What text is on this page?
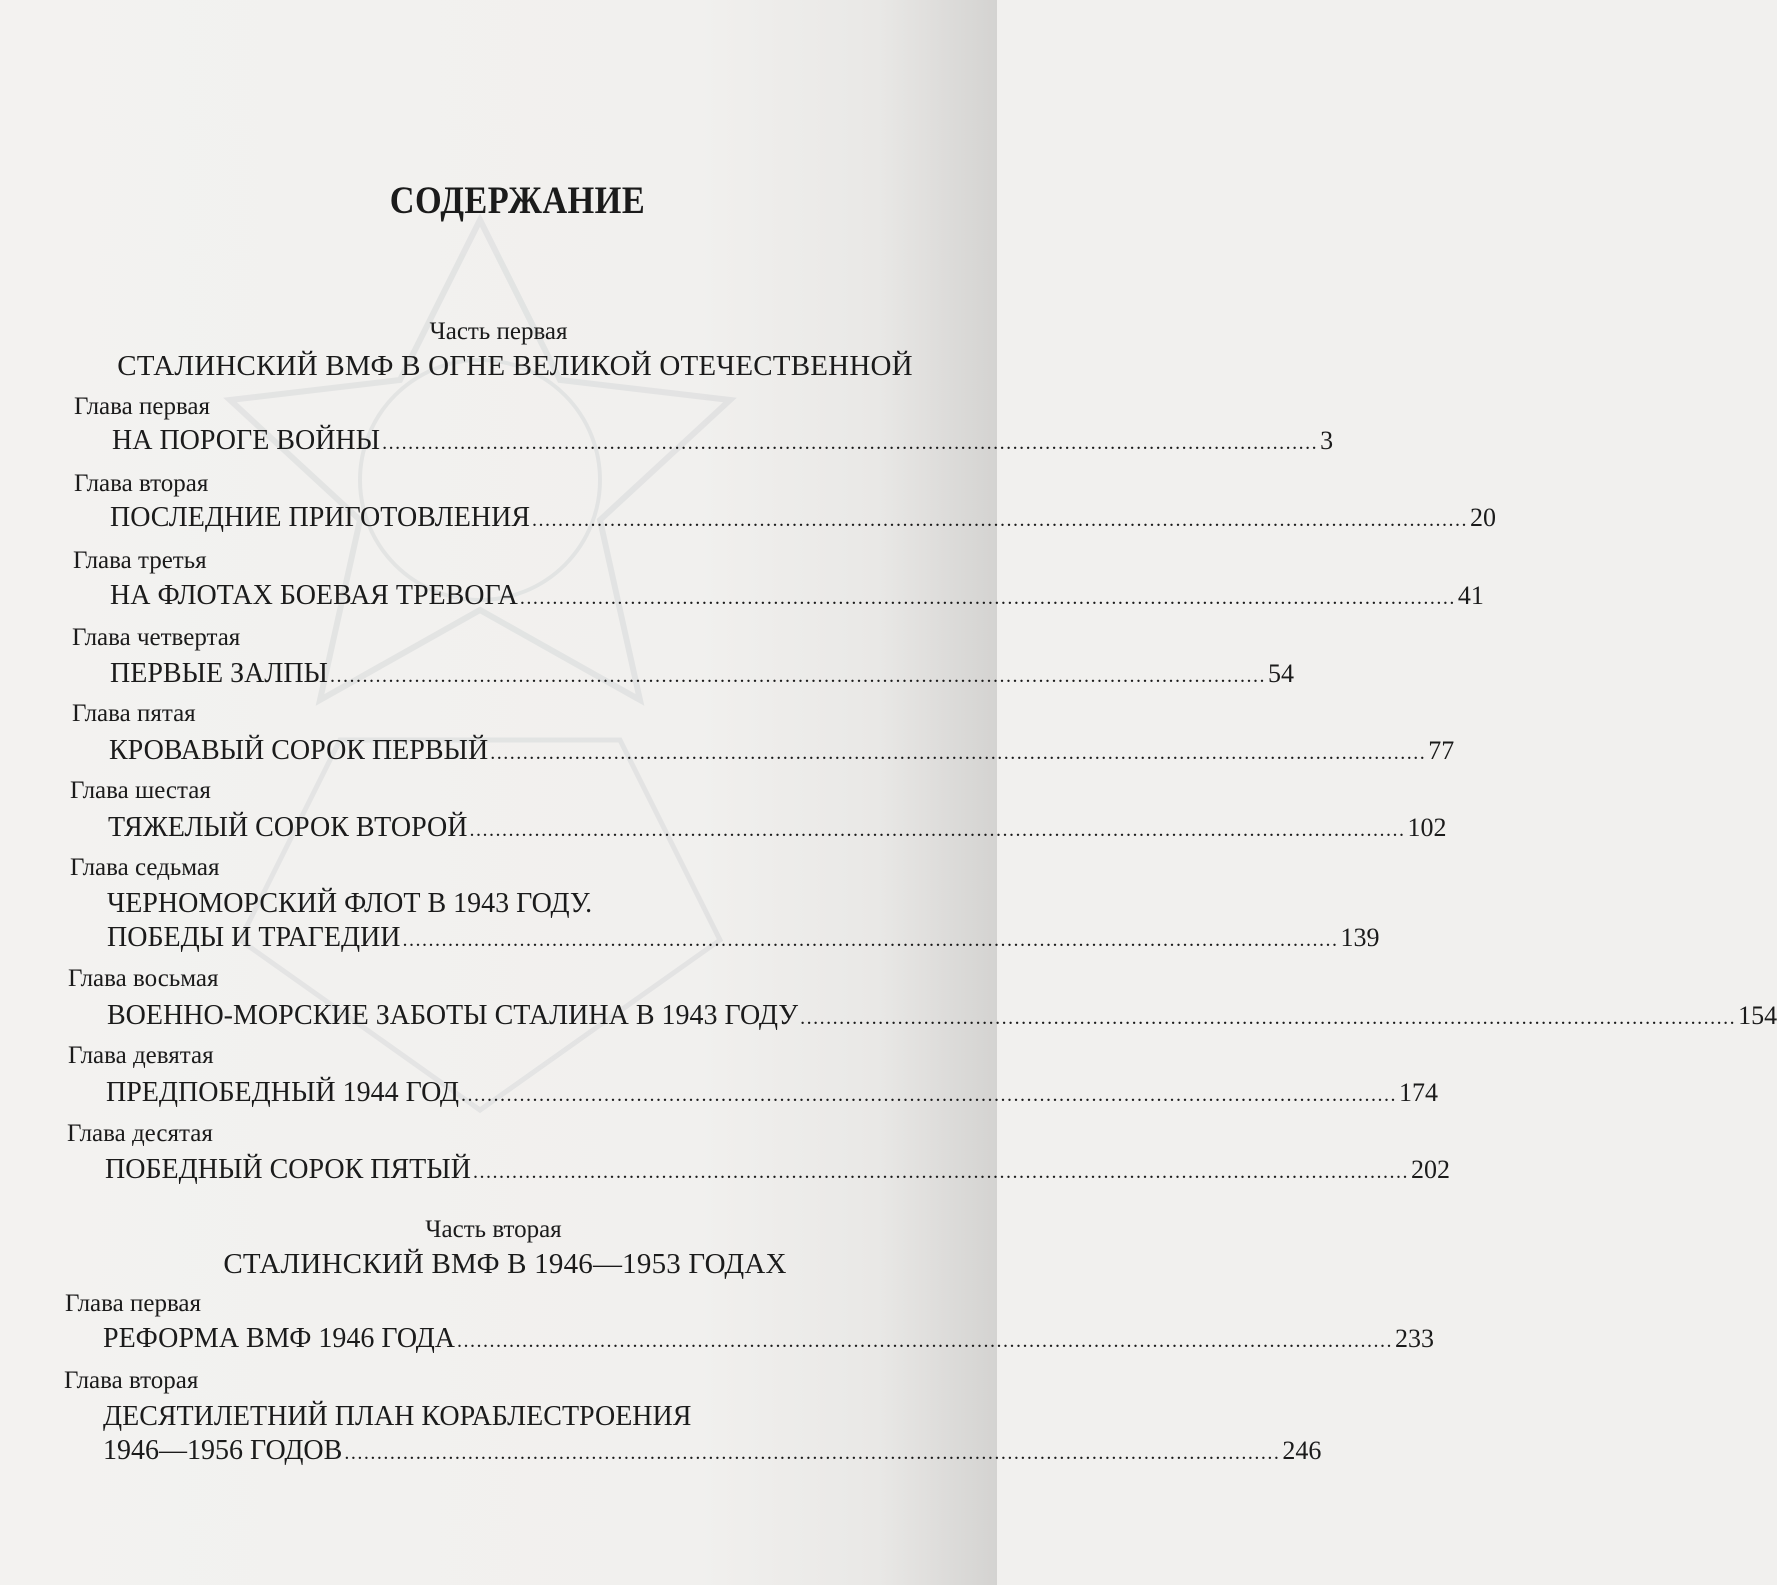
СОДЕРЖАНИЕ
Часть первая
СТАЛИНСКИЙ ВМФ В ОГНЕ ВЕЛИКОЙ ОТЕЧЕСТВЕННОЙ
Глава первая
НА ПОРОГЕ ВОЙНЫ ................................................................................................................................................ 3
Глава вторая
ПОСЛЕДНИЕ ПРИГОТОВЛЕНИЯ ................................................................................................................................................ 20
Глава третья
НА ФЛОТАХ БОЕВАЯ ТРЕВОГА ................................................................................................................................................ 41
Глава четвертая
ПЕРВЫЕ ЗАЛПЫ ................................................................................................................................................ 54
Глава пятая
КРОВАВЫЙ СОРОК ПЕРВЫЙ ................................................................................................................................................ 77
Глава шестая
ТЯЖЕЛЫЙ СОРОК ВТОРОЙ ................................................................................................................................................ 102
Глава седьмая
ЧЕРНОМОРСКИЙ ФЛОТ В 1943 ГОДУ.
ПОБЕДЫ И ТРАГЕДИИ ................................................................................................................................................ 139
Глава восьмая
ВОЕННО-МОРСКИЕ ЗАБОТЫ СТАЛИНА В 1943 ГОДУ ................................................................................................................................................ 154
Глава девятая
ПРЕДПОБЕДНЫЙ 1944 ГОД ................................................................................................................................................ 174
Глава десятая
ПОБЕДНЫЙ СОРОК ПЯТЫЙ ................................................................................................................................................ 202
Часть вторая
СТАЛИНСКИЙ ВМФ В 1946—1953 ГОДАХ
Глава первая
РЕФОРМА ВМФ 1946 ГОДА ................................................................................................................................................ 233
Глава вторая
ДЕСЯТИЛЕТНИЙ ПЛАН КОРАБЛЕСТРОЕНИЯ
1946—1956 ГОДОВ ................................................................................................................................................ 246
